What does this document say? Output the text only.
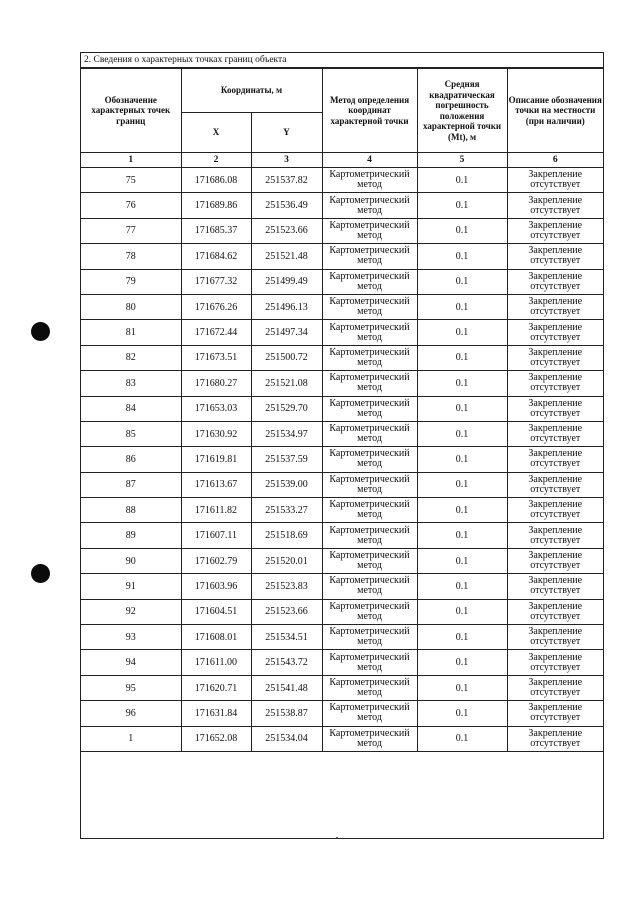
2. Сведения о характерных точках границ объекта
Обозначение характерных точек границ	Координаты, м		Метод определения координат характерной точки	Средняя квадратическая погрешность положения характерной точки (Mt), м	Описание обозначения точки на местности (при наличии)
	X	Y			
1	2	3	4	5	6
75	171686.08	251537.82	Картометрический метод	0.1	Закрепление отсутствует
76	171689.86	251536.49	Картометрический метод	0.1	Закрепление отсутствует
77	171685.37	251523.66	Картометрический метод	0.1	Закрепление отсутствует
78	171684.62	251521.48	Картометрический метод	0.1	Закрепление отсутствует
79	171677.32	251499.49	Картометрический метод	0.1	Закрепление отсутствует
80	171676.26	251496.13	Картометрический метод	0.1	Закрепление отсутствует
81	171672.44	251497.34	Картометрический метод	0.1	Закрепление отсутствует
82	171673.51	251500.72	Картометрический метод	0.1	Закрепление отсутствует
83	171680.27	251521.08	Картометрический метод	0.1	Закрепление отсутствует
84	171653.03	251529.70	Картометрический метод	0.1	Закрепление отсутствует
85	171630.92	251534.97	Картометрический метод	0.1	Закрепление отсутствует
86	171619.81	251537.59	Картометрический метод	0.1	Закрепление отсутствует
87	171613.67	251539.00	Картометрический метод	0.1	Закрепление отсутствует
88	171611.82	251533.27	Картометрический метод	0.1	Закрепление отсутствует
89	171607.11	251518.69	Картометрический метод	0.1	Закрепление отсутствует
90	171602.79	251520.01	Картометрический метод	0.1	Закрепление отсутствует
91	171603.96	251523.83	Картометрический метод	0.1	Закрепление отсутствует
92	171604.51	251523.66	Картометрический метод	0.1	Закрепление отсутствует
93	171608.01	251534.51	Картометрический метод	0.1	Закрепление отсутствует
94	171611.00	251543.72	Картометрический метод	0.1	Закрепление отсутствует
95	171620.71	251541.48	Картометрический метод	0.1	Закрепление отсутствует
96	171631.84	251538.87	Картометрический метод	0.1	Закрепление отсутствует
1	171652.08	251534.04	Картометрический метод	0.1	Закрепление отсутствует
